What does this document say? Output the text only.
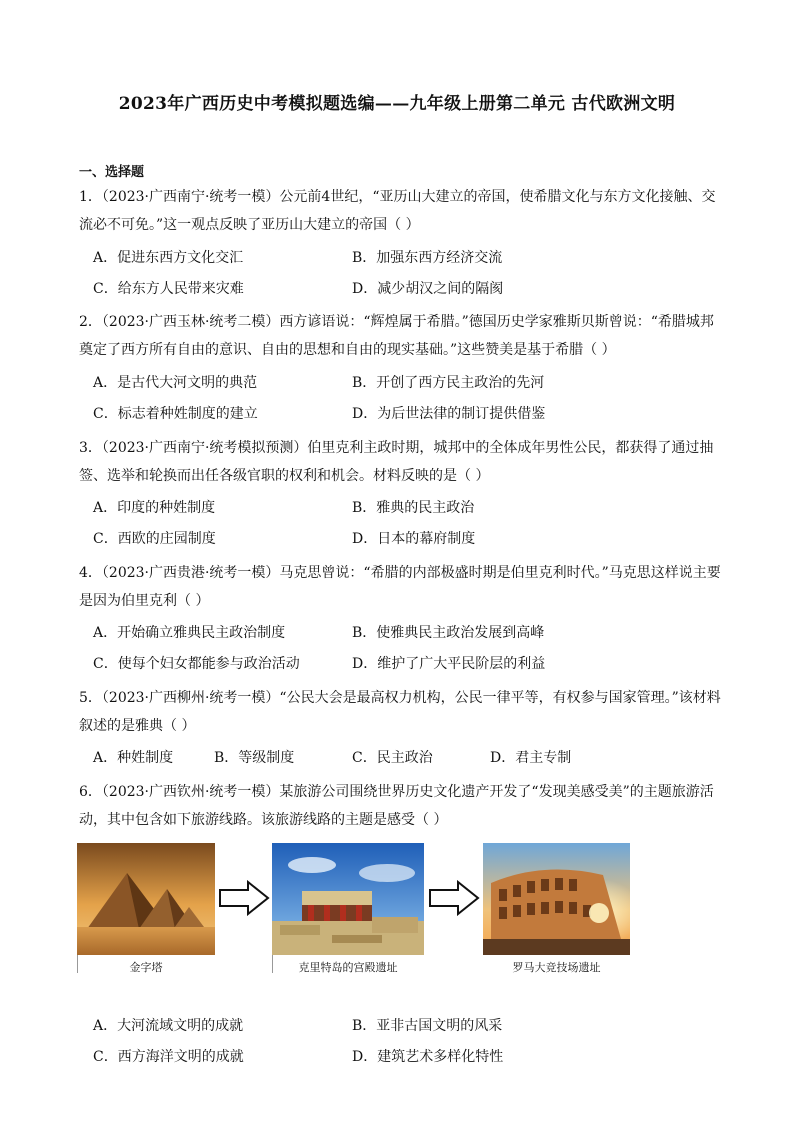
2023年广西历史中考模拟题选编——九年级上册第二单元 古代欧洲文明
一、选择题
1．（2023·广西南宁·统考一模）公元前4世纪，“亚历山大建立的帝国，使希腊文化与东方文化接触、交流必不可免。”这一观点反映了亚历山大建立的帝国（ ）
A．促进东西方文化交汇	B．加强东西方经济交流
C．给东方人民带来灾难	D．减少胡汉之间的隔阂
2．（2023·广西玉林·统考二模）西方谚语说：“辉煌属于希腊。”德国历史学家雅斯贝斯曾说：“希腊城邦奠定了西方所有自由的意识、自由的思想和自由的现实基础。”这些赞美是基于希腊（ ）
A．是古代大河文明的典范	B．开创了西方民主政治的先河
C．标志着种姓制度的建立	D．为后世法律的制订提供借鉴
3．（2023·广西南宁·统考模拟预测）伯里克利主政时期，城邦中的全体成年男性公民，都获得了通过抽签、选举和轮换而出任各级官职的权利和机会。材料反映的是（ ）
A．印度的种姓制度	B．雅典的民主政治
C．西欧的庄园制度	D．日本的幕府制度
4．（2023·广西贵港·统考一模）马克思曾说：“希腊的内部极盛时期是伯里克利时代。”马克思这样说主要是因为伯里克利（ ）
A．开始确立雅典民主政治制度	B．使雅典民主政治发展到高峰
C．使每个妇女都能参与政治活动	D．维护了广大平民阶层的利益
5．（2023·广西柳州·统考一模）“公民大会是最高权力机构，公民一律平等，有权参与国家管理。”该材料叙述的是雅典（ ）
A．种姓制度	B．等级制度	C．民主政治	D．君主专制
6．（2023·广西钦州·统考一模）某旅游公司围绕世界历史文化遗产开发了“发现美感受美”的主题旅游活动，其中包含如下旅游线路。该旅游线路的主题是感受（ ）
金字塔	克里特岛的宫殿遗址	罗马大竞技场遗址
A．大河流域文明的成就	B．亚非古国文明的风采
C．西方海洋文明的成就	D．建筑艺术多样化特性
